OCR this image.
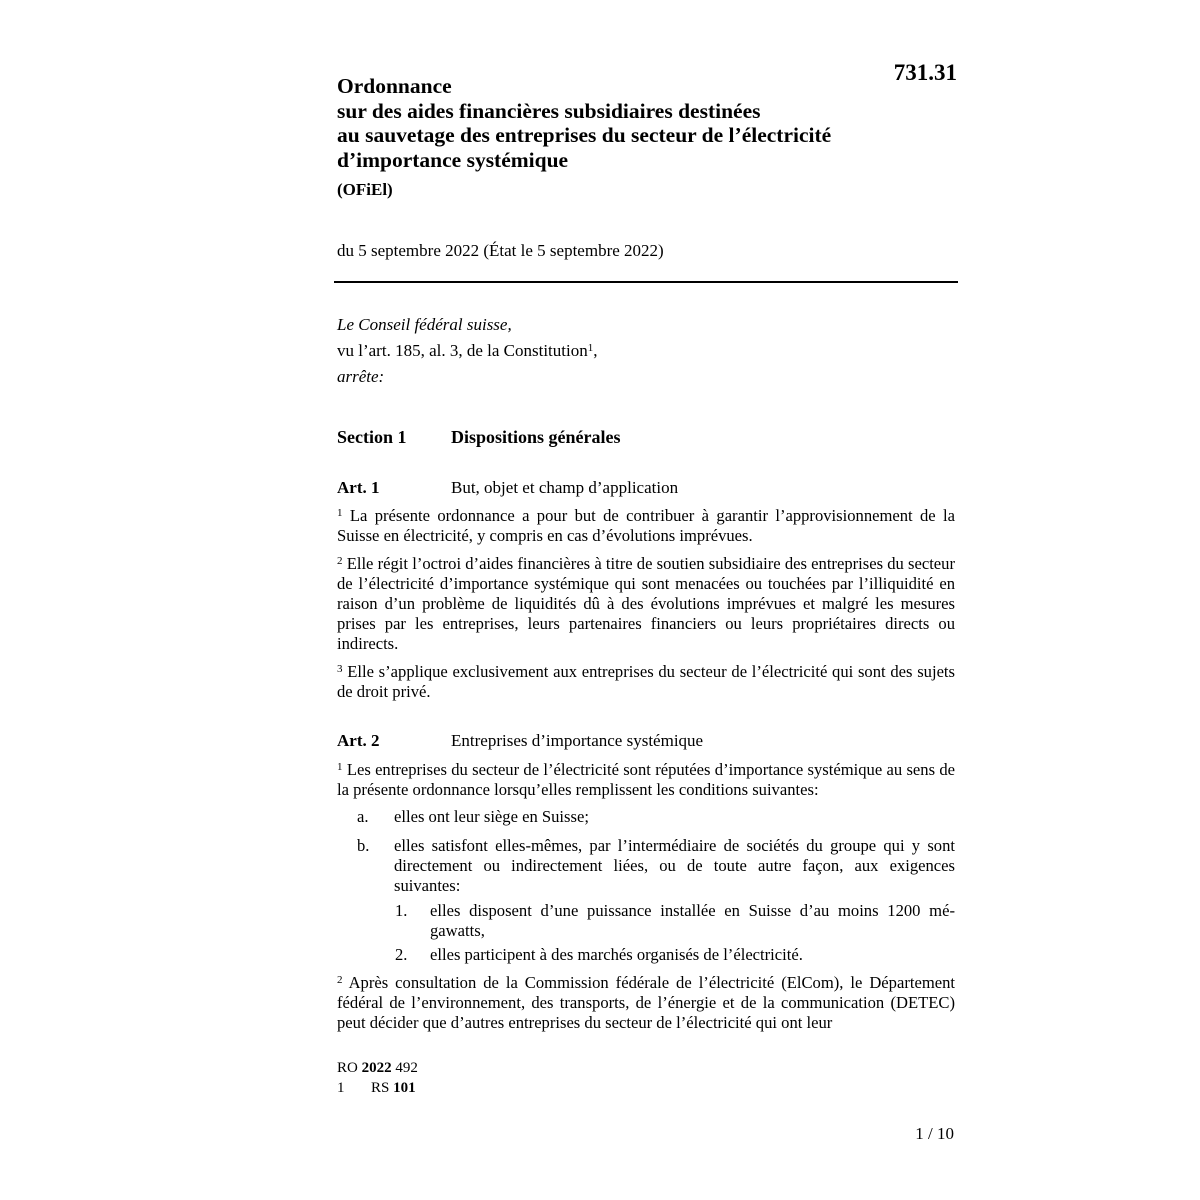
731.31
Ordonnance
sur des aides financières subsidiaires destinées
au sauvetage des entreprises du secteur de l’électricité
d’importance systémique
(OFiEl)
du 5 septembre 2022 (État le 5 septembre 2022)
Le Conseil fédéral suisse,
vu l’art. 185, al. 3, de la Constitution$^1$,
arrête:
Section 1 Dispositions générales
Art. 1	But, objet et champ d’application
$^1$ La présente ordonnance a pour but de contribuer à garantir l’approvisionnement de la Suisse en électricité, y compris en cas d’évolutions imprévues.
$^2$ Elle régit l’octroi d’aides financières à titre de soutien subsidiaire des entreprises du secteur de l’électricité d’importance systémique qui sont menacées ou touchées par l’illiquidité en raison d’un problème de liquidités dû à des évolutions imprévues et malgré les mesures prises par les entreprises, leurs partenaires financiers ou leurs propriétaires directs ou indirects.
$^3$ Elle s’applique exclusivement aux entreprises du secteur de l’électricité qui sont des sujets de droit privé.
Art. 2	Entreprises d’importance systémique
$^1$ Les entreprises du secteur de l’électricité sont réputées d’importance systémique au sens de la présente ordonnance lorsqu’elles remplissent les conditions suivantes:
a. elles ont leur siège en Suisse;
b. elles satisfont elles-mêmes, par l’intermédiaire de sociétés du groupe qui y sont directement ou indirectement liées, ou de toute autre façon, aux exigences suivantes:
1. elles disposent d’une puissance installée en Suisse d’au moins 1200 mégawatts,
2. elles participent à des marchés organisés de l’électricité.
$^2$ Après consultation de la Commission fédérale de l’électricité (ElCom), le Département fédéral de l’environnement, des transports, de l’énergie et de la communication (DETEC) peut décider que d’autres entreprises du secteur de l’électricité qui ont leur
RO 2022 492
1 RS 101
1 / 10
